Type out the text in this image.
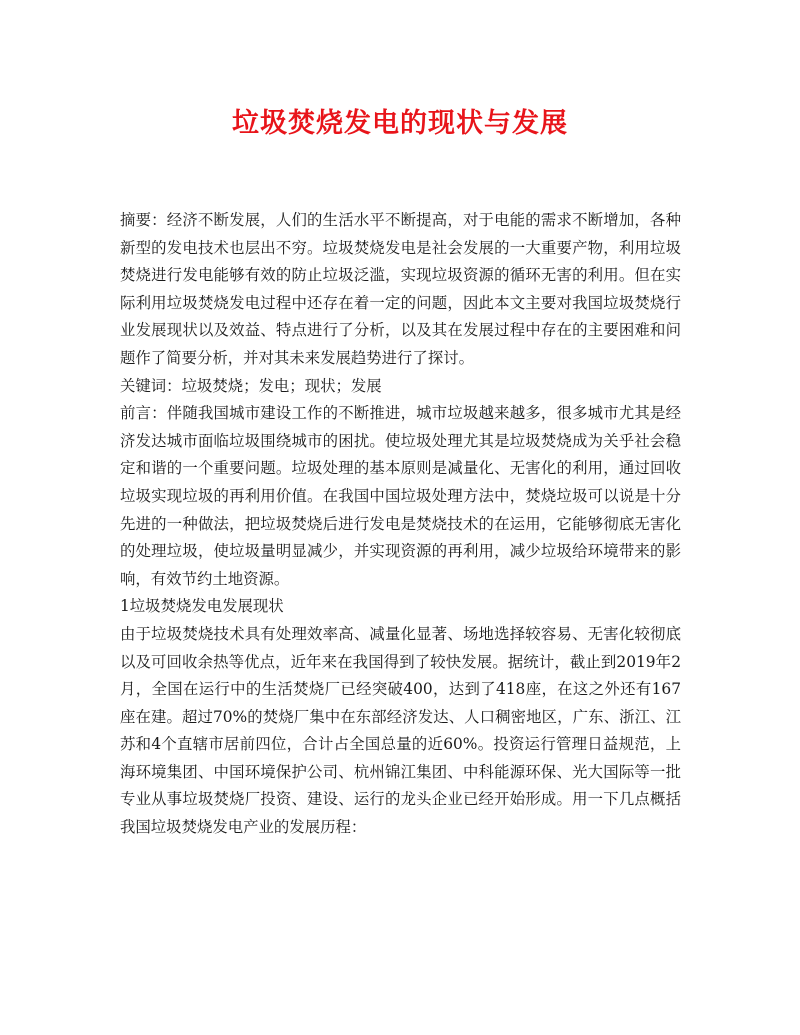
垃圾焚烧发电的现状与发展

摘要：经济不断发展，人们的生活水平不断提高，对于电能的需求不断增加，各种新型的发电技术也层出不穷。垃圾焚烧发电是社会发展的一大重要产物，利用垃圾焚烧进行发电能够有效的防止垃圾泛滥，实现垃圾资源的循环无害的利用。但在实际利用垃圾焚烧发电过程中还存在着一定的问题，因此本文主要对我国垃圾焚烧行业发展现状以及效益、特点进行了分析，以及其在发展过程中存在的主要困难和问题作了简要分析，并对其未来发展趋势进行了探讨。

关键词：垃圾焚烧；发电；现状；发展

前言：伴随我国城市建设工作的不断推进，城市垃圾越来越多，很多城市尤其是经济发达城市面临垃圾围绕城市的困扰。使垃圾处理尤其是垃圾焚烧成为关乎社会稳定和谐的一个重要问题。垃圾处理的基本原则是减量化、无害化的利用，通过回收垃圾实现垃圾的再利用价值。在我国中国垃圾处理方法中，焚烧垃圾可以说是十分先进的一种做法，把垃圾焚烧后进行发电是焚烧技术的在运用，它能够彻底无害化的处理垃圾，使垃圾量明显减少，并实现资源的再利用，减少垃圾给环境带来的影响，有效节约土地资源。

1垃圾焚烧发电发展现状

由于垃圾焚烧技术具有处理效率高、减量化显著、场地选择较容易、无害化较彻底以及可回收余热等优点，近年来在我国得到了较快发展。据统计，截止到2019年2月，全国在运行中的生活焚烧厂已经突破400，达到了418座，在这之外还有167座在建。超过70%的焚烧厂集中在东部经济发达、人口稠密地区，广东、浙江、江苏和4个直辖市居前四位，合计占全国总量的近60%。投资运行管理日益规范，上海环境集团、中国环境保护公司、杭州锦江集团、中科能源环保、光大国际等一批专业从事垃圾焚烧厂投资、建设、运行的龙头企业已经开始形成。用一下几点概括我国垃圾焚烧发电产业的发展历程：
